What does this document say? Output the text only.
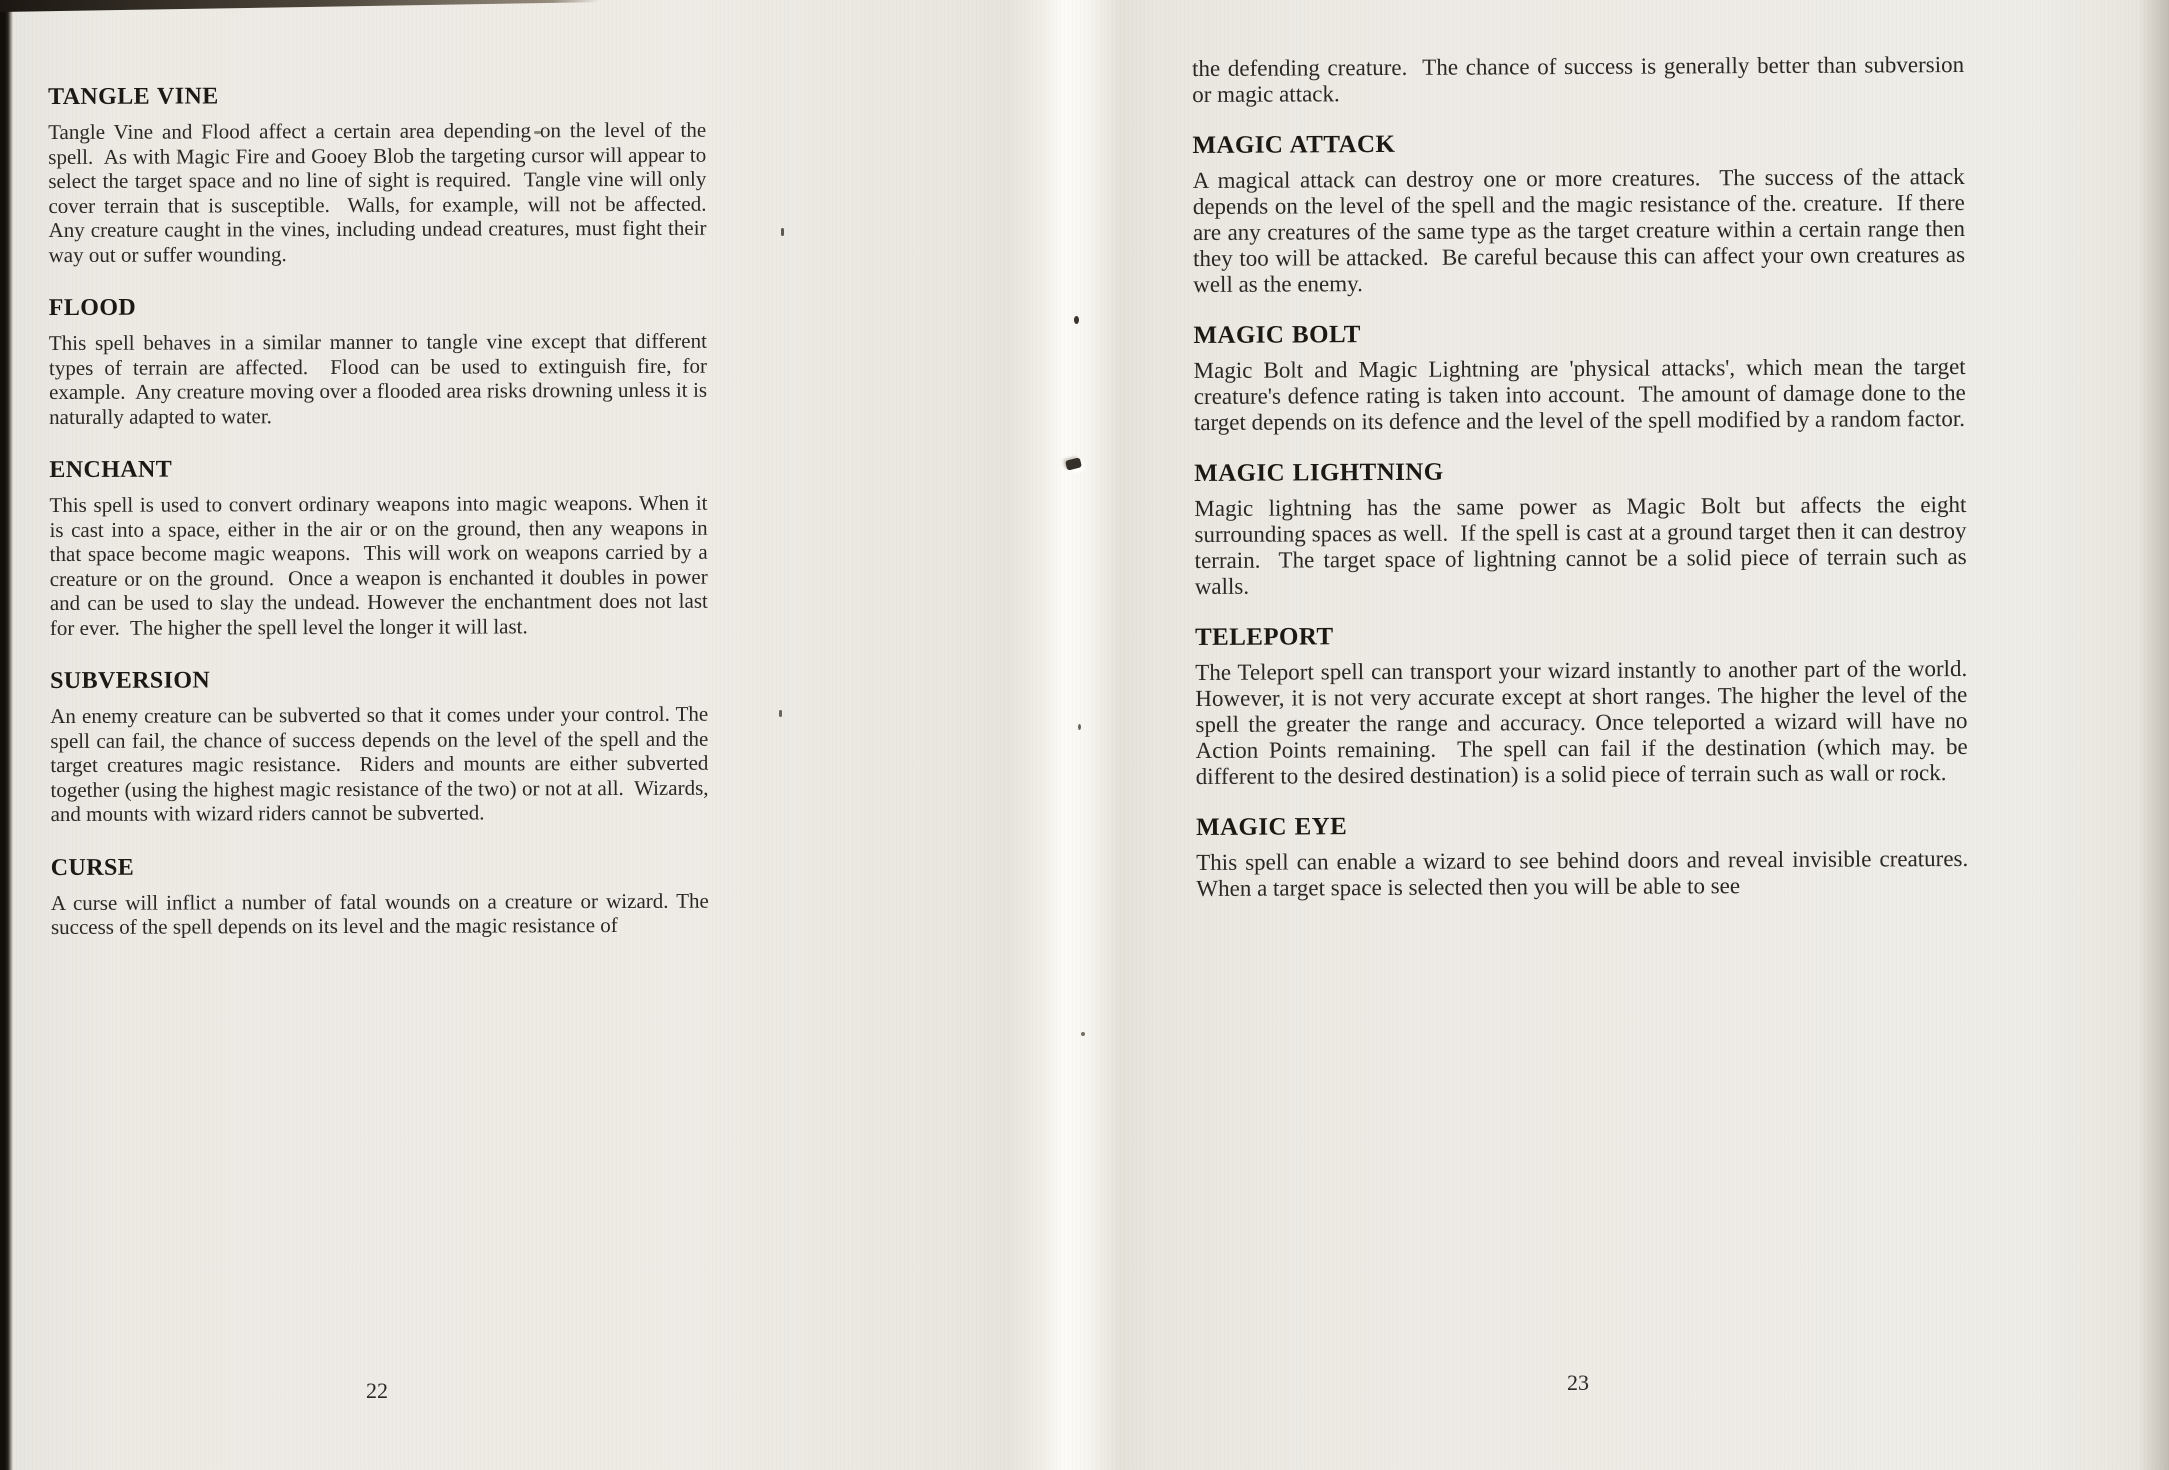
TANGLE VINE

Tangle Vine and Flood affect a certain area depending on the level of the spell.  As with Magic Fire and Gooey Blob the targeting cursor will appear to select the target space and no line of sight is required.  Tangle vine will only cover terrain that is susceptible.  Walls, for example, will not be affected.  Any creature caught in the vines, including undead creatures, must fight their way out or suffer wounding.

FLOOD

This spell behaves in a similar manner to tangle vine except that different types of terrain are affected.  Flood can be used to extinguish fire, for example.  Any creature moving over a flooded area risks drowning unless it is naturally adapted to water.

ENCHANT

This spell is used to convert ordinary weapons into magic weapons. When it is cast into a space, either in the air or on the ground, then any weapons in that space become magic weapons.  This will work on weapons carried by a creature or on the ground.  Once a weapon is enchanted it doubles in power and can be used to slay the undead. However the enchantment does not last for ever.  The higher the spell level the longer it will last.

SUBVERSION

An enemy creature can be subverted so that it comes under your control. The spell can fail, the chance of success depends on the level of the spell and the target creatures magic resistance.  Riders and mounts are either subverted together (using the highest magic resistance of the two) or not at all.  Wizards, and mounts with wizard riders cannot be subverted.

CURSE

A curse will inflict a number of fatal wounds on a creature or wizard. The success of the spell depends on its level and the magic resistance of

the defending creature.  The chance of success is generally better than subversion or magic attack.

MAGIC ATTACK

A magical attack can destroy one or more creatures.  The success of the attack depends on the level of the spell and the magic resistance of the. creature.  If there are any creatures of the same type as the target creature within a certain range then they too will be attacked.  Be careful because this can affect your own creatures as well as the enemy.

MAGIC BOLT

Magic Bolt and Magic Lightning are 'physical attacks', which mean the target creature's defence rating is taken into account.  The amount of damage done to the target depends on its defence and the level of the spell modified by a random factor.

MAGIC LIGHTNING

Magic lightning has the same power as Magic Bolt but affects the eight surrounding spaces as well.  If the spell is cast at a ground target then it can destroy terrain.  The target space of lightning cannot be a solid piece of terrain such as walls.

TELEPORT

The Teleport spell can transport your wizard instantly to another part of the world.  However, it is not very accurate except at short ranges. The higher the level of the spell the greater the range and accuracy. Once teleported a wizard will have no Action Points remaining.  The spell can fail if the destination (which may. be different to the desired destination) is a solid piece of terrain such as wall or rock.

MAGIC EYE

This spell can enable a wizard to see behind doors and reveal invisible creatures.  When a target space is selected then you will be able to see

22	23
